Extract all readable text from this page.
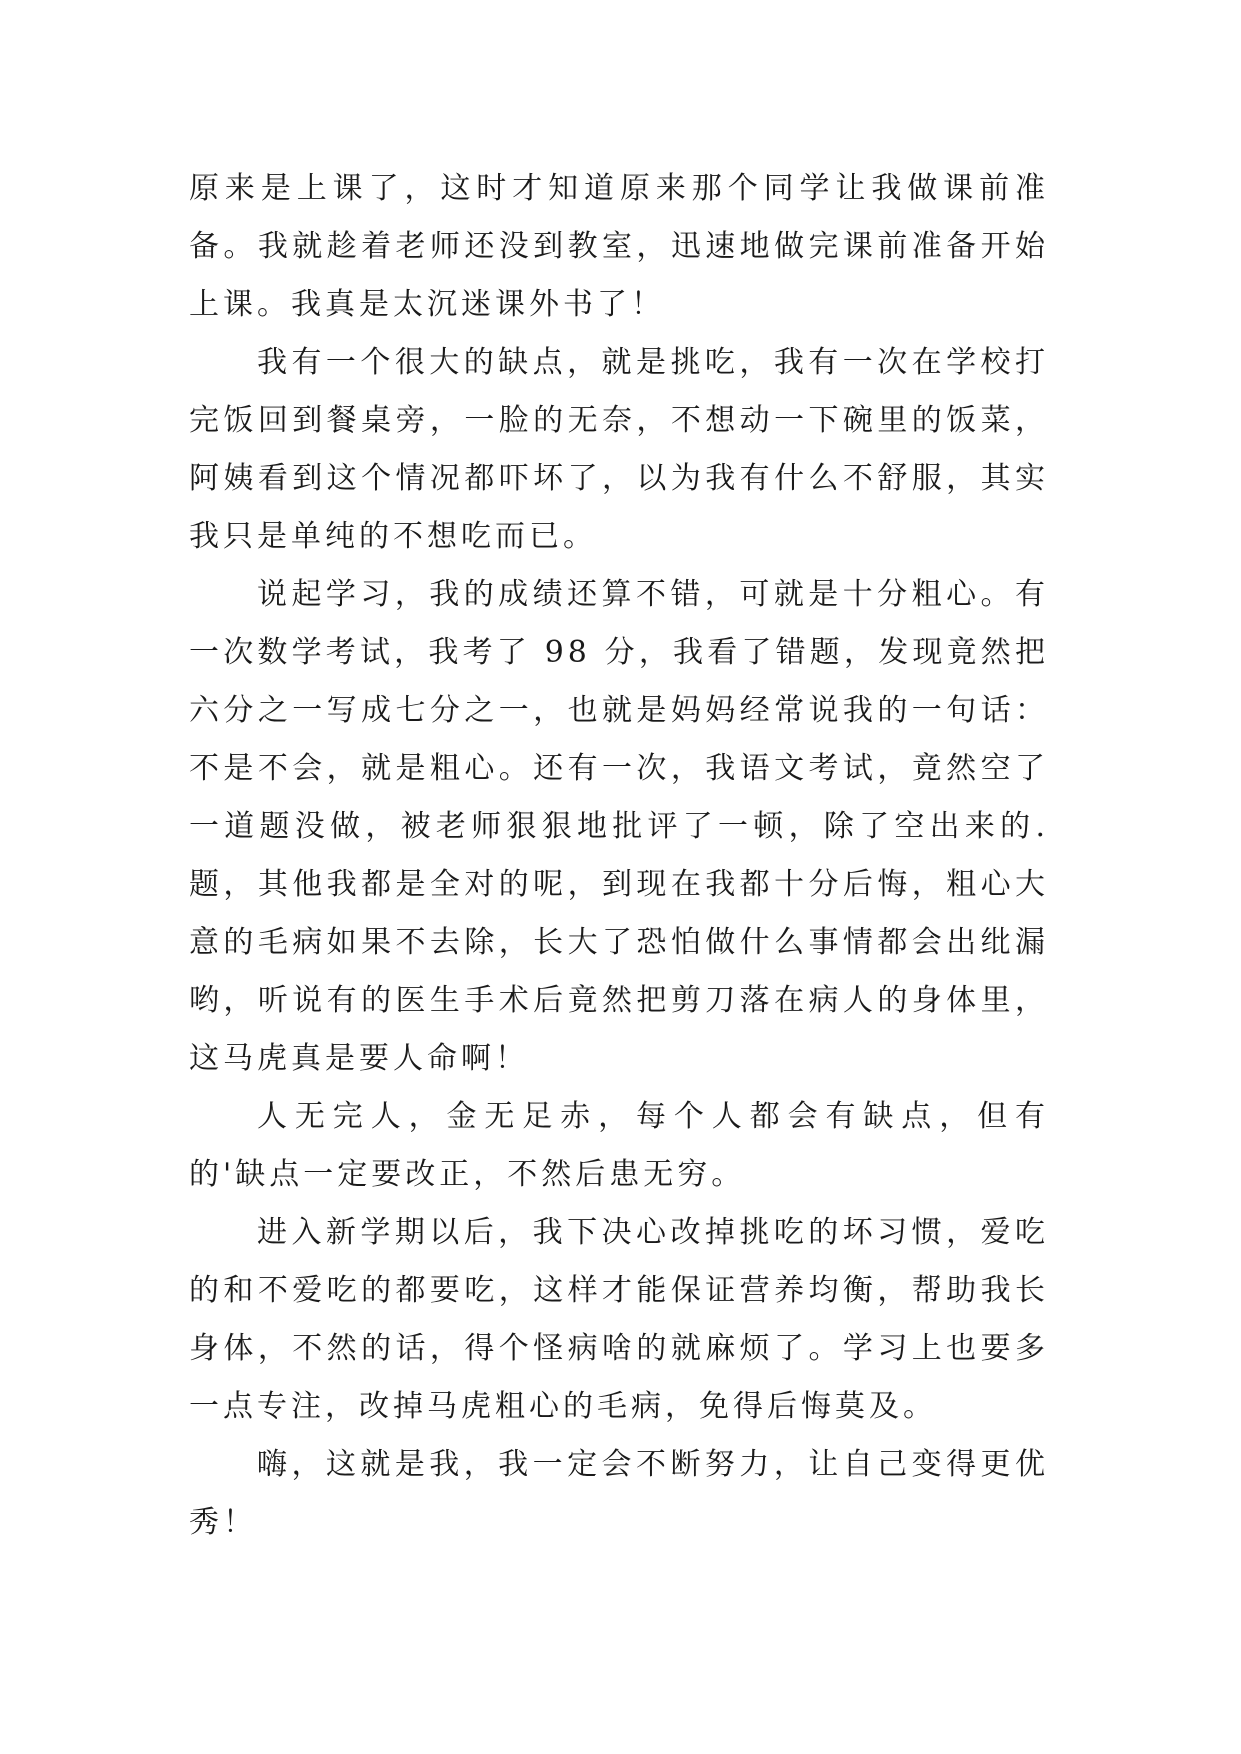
原来是上课了，这时才知道原来那个同学让我做课前准备。我就趁着老师还没到教室，迅速地做完课前准备开始上课。我真是太沉迷课外书了！

我有一个很大的缺点，就是挑吃，我有一次在学校打完饭回到餐桌旁，一脸的无奈，不想动一下碗里的饭菜，阿姨看到这个情况都吓坏了，以为我有什么不舒服，其实我只是单纯的不想吃而已。

说起学习，我的成绩还算不错，可就是十分粗心。有一次数学考试，我考了 98 分，我看了错题，发现竟然把六分之一写成七分之一，也就是妈妈经常说我的一句话：不是不会，就是粗心。还有一次，我语文考试，竟然空了一道题没做，被老师狠狠地批评了一顿，除了空出来的.题，其他我都是全对的呢，到现在我都十分后悔，粗心大意的毛病如果不去除，长大了恐怕做什么事情都会出纰漏哟，听说有的医生手术后竟然把剪刀落在病人的身体里，这马虎真是要人命啊！

人无完人，金无足赤，每个人都会有缺点，但有的'缺点一定要改正，不然后患无穷。

进入新学期以后，我下决心改掉挑吃的坏习惯，爱吃的和不爱吃的都要吃，这样才能保证营养均衡，帮助我长身体，不然的话，得个怪病啥的就麻烦了。学习上也要多一点专注，改掉马虎粗心的毛病，免得后悔莫及。

嗨，这就是我，我一定会不断努力，让自己变得更优秀！
